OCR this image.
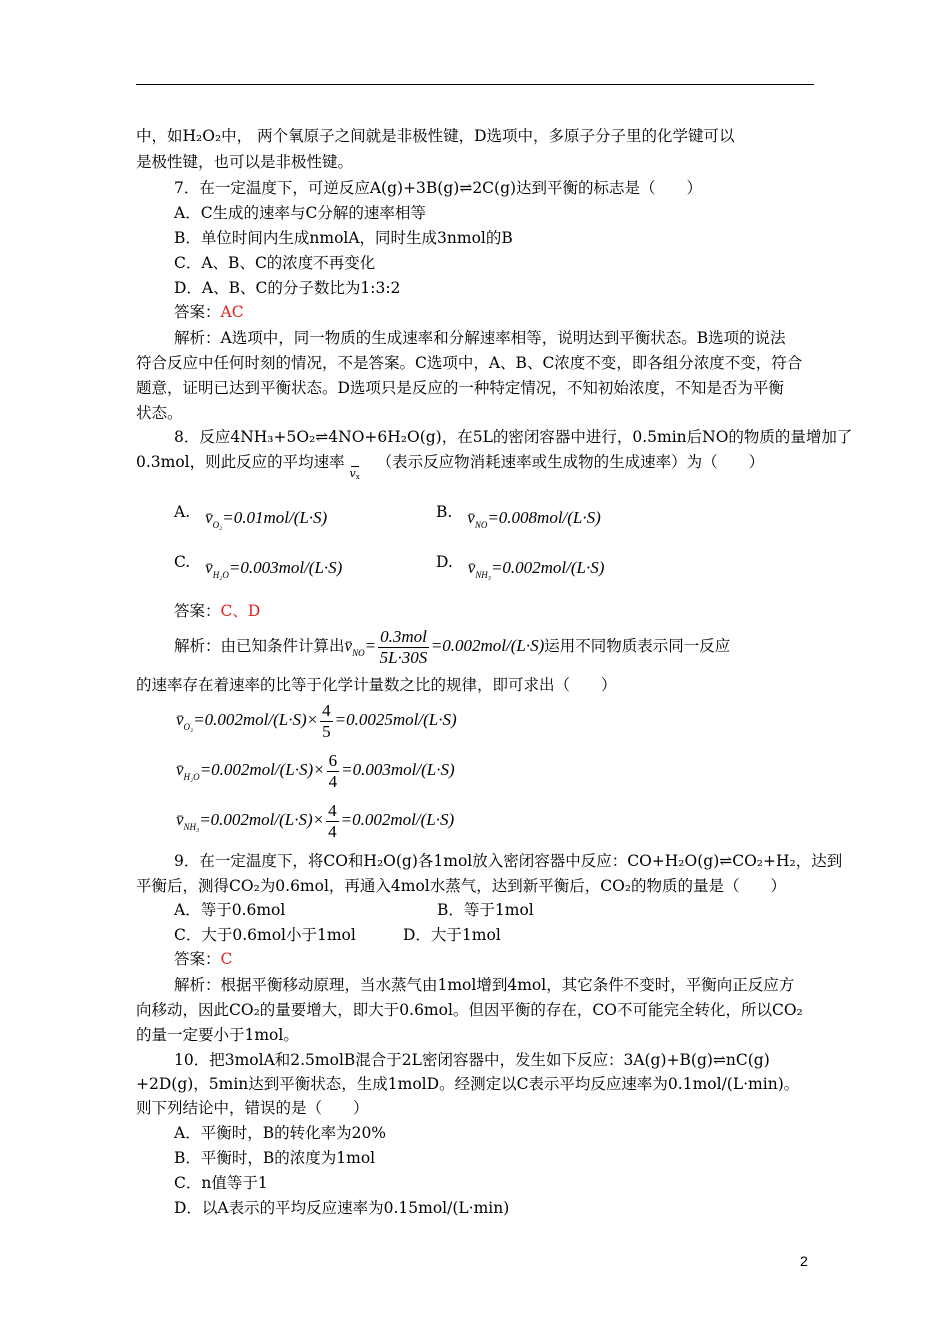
中，如H₂O₂中， 两个氧原子之间就是非极性键，D选项中，多原子分子里的化学键可以
是极性键，也可以是非极性键。
7．在一定温度下，可逆反应A(g)+3B(g)⇌2C(g)达到平衡的标志是（　　）
A．C生成的速率与C分解的速率相等
B．单位时间内生成nmolA，同时生成3nmol的B
C．A、B、C的浓度不再变化
D．A、B、C的分子数比为1:3:2
答案：AC
解析：A选项中，同一物质的生成速率和分解速率相等，说明达到平衡状态。B选项的说法
符合反应中任何时刻的情况，不是答案。C选项中，A、B、C浓度不变，即各组分浓度不变，符合
题意，证明已达到平衡状态。D选项只是反应的一种特定情况，不知初始浓度，不知是否为平衡
状态。
8．反应4NH₃+5O₂⇌4NO+6H₂O(g)，在5L的密闭容器中进行，0.5min后NO的物质的量增加了
0.3mol，则此反应的平均速率
$v_x$（表示反应物消耗速率或生成物的生成速率）为（　　）
A. $v̄_{O_2}=0.01mol/(L\cdot S)$	B. $v̄_{NO}=0.008mol/(L\cdot S)$
C. $v̄_{H_2O}=0.003mol/(L\cdot S)$	D. $v̄_{NH_3}=0.002mol/(L\cdot S)$
答案：C、D
解析：由已知条件计算出$v̄_{NO}= \frac{\text{0.3mol}}{5L\cdot 30S} =0.002mol/(L\cdot S)$运用不同物质表示同一反应
的速率存在着速率的比等于化学计量数之比的规律，即可求出（　　）
$v̄_{O_2}=0.002mol/(L\cdot S)\times \frac{4}{5} =0.0025mol/(L\cdot S)$
$v̄_{H_2O}=0.002mol/(L\cdot S)\times \frac{6}{4} =0.003mol/(L\cdot S)$
$v̄_{NH_3}=0.002mol/(L\cdot S)\times \frac{4}{4} =0.002mol/(L\cdot S)$
9．在一定温度下，将CO和H₂O(g)各1mol放入密闭容器中反应：CO+H₂O(g)⇌CO₂+H₂，达到
平衡后，测得CO₂为0.6mol，再通入4mol水蒸气，达到新平衡后，CO₂的物质的量是（　　）
A．等于0.6mol	B．等于1mol
C．大于0.6mol小于1mol	D．大于1mol
答案：C
解析：根据平衡移动原理，当水蒸气由1mol增到4mol，其它条件不变时，平衡向正反应方
向移动，因此CO₂的量要增大，即大于0.6mol。但因平衡的存在，CO不可能完全转化，所以CO₂
的量一定要小于1mol。
10．把3molA和2.5molB混合于2L密闭容器中，发生如下反应：3A(g)+B(g)⇌nC(g)
+2D(g)，5min达到平衡状态，生成1molD。经测定以C表示平均反应速率为0.1mol/(L·min)。
则下列结论中，错误的是（　　）
A．平衡时，B的转化率为20%
B．平衡时，B的浓度为1mol
C．n值等于1
D．以A表示的平均反应速率为0.15mol/(L·min)
2
